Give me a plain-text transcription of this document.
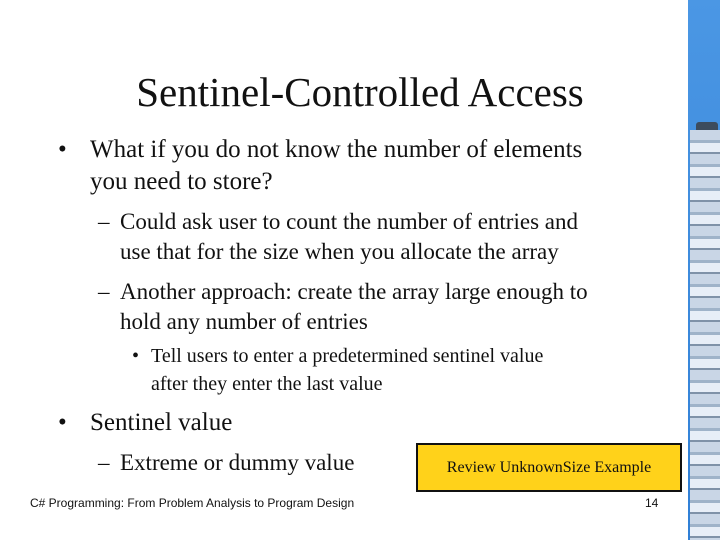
Sentinel-Controlled Access
• What if you do not know the number of elements
you need to store?
– Could ask user to count the number of entries and
use that for the size when you allocate the array
– Another approach: create the array large enough to
hold any number of entries
• Tell users to enter a predetermined sentinel value
after they enter the last value
• Sentinel value
– Extreme or dummy value	Review UnknownSize Example
C# Programming: From Problem Analysis to Program Design	14
